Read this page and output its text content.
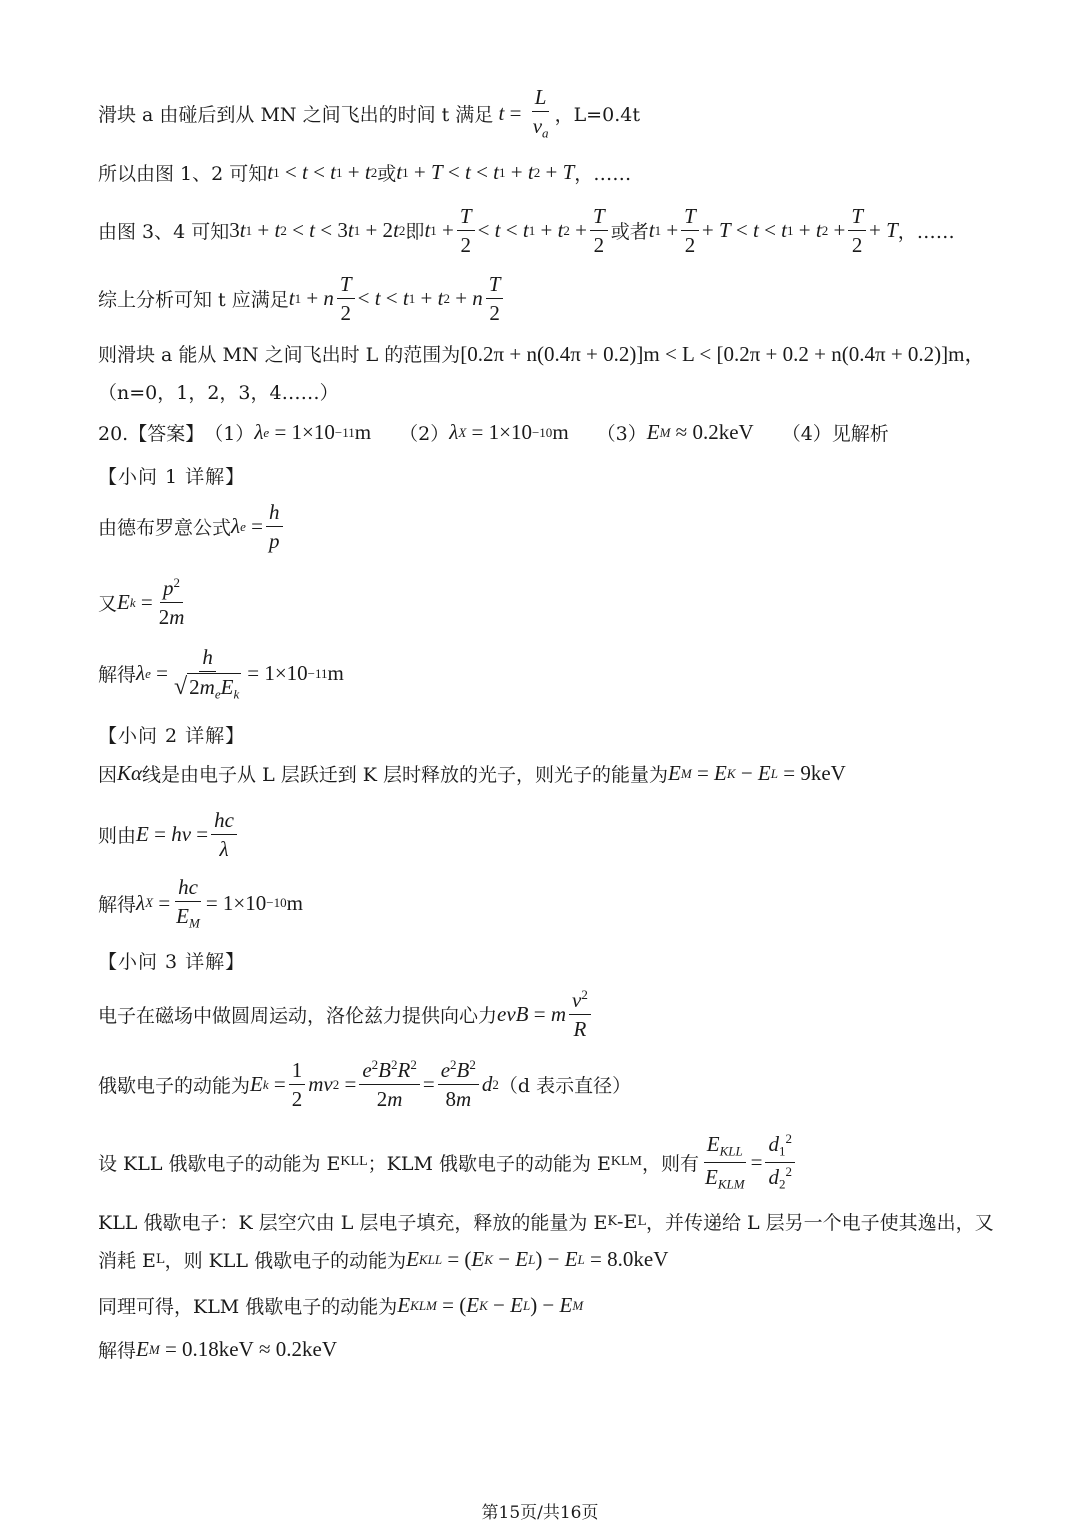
滑块 a 由碰后到从 MN 之间飞出的时间 t 满足
$t = \frac{L}{v_a}$ ，L=0.4t
所以由图 1、2 可知 t 1 < t < t 1 + t 2 或 t 1 + T < t < t 1 + t 2 + T ，……
由图 3、4 可知 3 t 1 + t 2 < t < 3 t 1 + 2 t 2 即 t $1 + \frac{T}{2} < t < t$ 1 + t $2 + \frac{T}{2}$ 或者 t $1 + \frac{T}{2} + T < t < t$ 1 + t $2 + \frac{T}{2} + T$ ，……
综上分析可知 t 应满足 t 1 + n $\frac{T}{2} < t < t$ 1 + t 2 + n $\frac{T}{2}$
则滑块 a 能从 MN 之间飞出时 L 的范围为 [0.2π + n(0.4π + 0.2)]m < L < [0.2π + 0.2 + n(0.4π + 0.2)]m，
（n=0，1，2，3，4……）
20.【答案】 （1） λ e = 1×10 −11 m （2） λ X = 1×10 −10 m （3） E M ≈ 0.2keV （4）见解析
【小问 1 详解】
由德布罗意公式 λ $e = \frac{h}{p}$
又 E $k = \frac{p^2}{2m}$
解得 λ $e = \frac{h}{√2m_eE_k} = 1\times 10 -11$ m
【小问 2 详解】
因 Kα 线是由电子从 L 层跃迁到 K 层时释放的光子，则光子的能量为 E M = E K − E L = 9keV
则由 $E = h\nu = \frac{hc}{\lambda}$
解得 λ $X = \frac{hc}{E_M} = 1\times 10 -10$ m
【小问 3 详解】
电子在磁场中做圆周运动，洛伦兹力提供向心力 evB = m $\frac{v^2}{R}$
俄歇电子的动能为 E $k = \frac{1}{2}$ mv $2 = \frac{e^2B^2R^2}{2m} = \frac{e^2B^2}{8m}$ d 2 （d 表示直径）
设 KLL 俄歇电子的动能为 E KLL ；KLM 俄歇电子的动能为 E KLM ，则有 $\frac{E_{KLL}}{E_{KLM}} = \frac{d_1^2}{d_2^2}$
KLL 俄歇电子：K 层空穴由 L 层电子填充，释放的能量为 E K -E L ，并传递给 L 层另一个电子使其逸出，又
消耗 E L ，则 KLL 俄歇电子的动能为 E KLL = ( E K − E L ) − E L = 8.0keV
同理可得，KLM 俄歇电子的动能为 E KLM = ( E K − E L ) − E M
解得 E M = 0.18keV ≈ 0.2keV
第15页/共16页
